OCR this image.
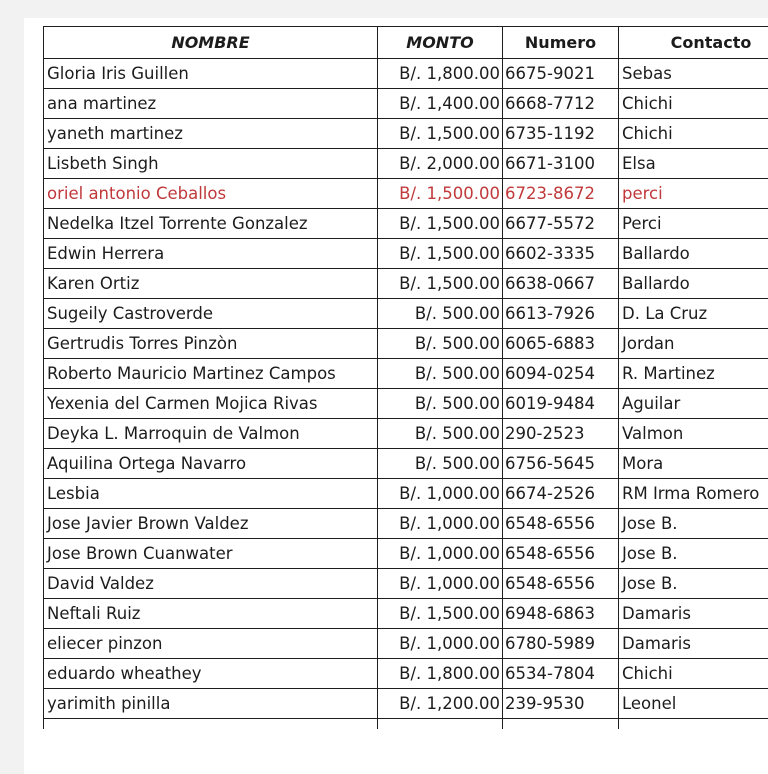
NOMBRE	MONTO	Numero	Contacto
Gloria Iris Guillen	B/. 1,800.00	6675-9021	Sebas
ana martinez	B/. 1,400.00	6668-7712	Chichi
yaneth martinez	B/. 1,500.00	6735-1192	Chichi
Lisbeth Singh	B/. 2,000.00	6671-3100	Elsa
oriel antonio Ceballos	B/. 1,500.00	6723-8672	perci
Nedelka Itzel Torrente Gonzalez	B/. 1,500.00	6677-5572	Perci
Edwin Herrera	B/. 1,500.00	6602-3335	Ballardo
Karen Ortiz	B/. 1,500.00	6638-0667	Ballardo
Sugeily Castroverde	B/. 500.00	6613-7926	D. La Cruz
Gertrudis Torres Pinzòn	B/. 500.00	6065-6883	Jordan
Roberto Mauricio Martinez Campos	B/. 500.00	6094-0254	R. Martinez
Yexenia del Carmen Mojica Rivas	B/. 500.00	6019-9484	Aguilar
Deyka L. Marroquin de Valmon	B/. 500.00	290-2523	Valmon
Aquilina Ortega Navarro	B/. 500.00	6756-5645	Mora
Lesbia	B/. 1,000.00	6674-2526	RM Irma Romero
Jose Javier Brown Valdez	B/. 1,000.00	6548-6556	Jose B.
Jose Brown Cuanwater	B/. 1,000.00	6548-6556	Jose B.
David Valdez	B/. 1,000.00	6548-6556	Jose B.
Neftali Ruiz	B/. 1,500.00	6948-6863	Damaris
eliecer pinzon	B/. 1,000.00	6780-5989	Damaris
eduardo wheathey	B/. 1,800.00	6534-7804	Chichi
yarimith pinilla	B/. 1,200.00	239-9530	Leonel
